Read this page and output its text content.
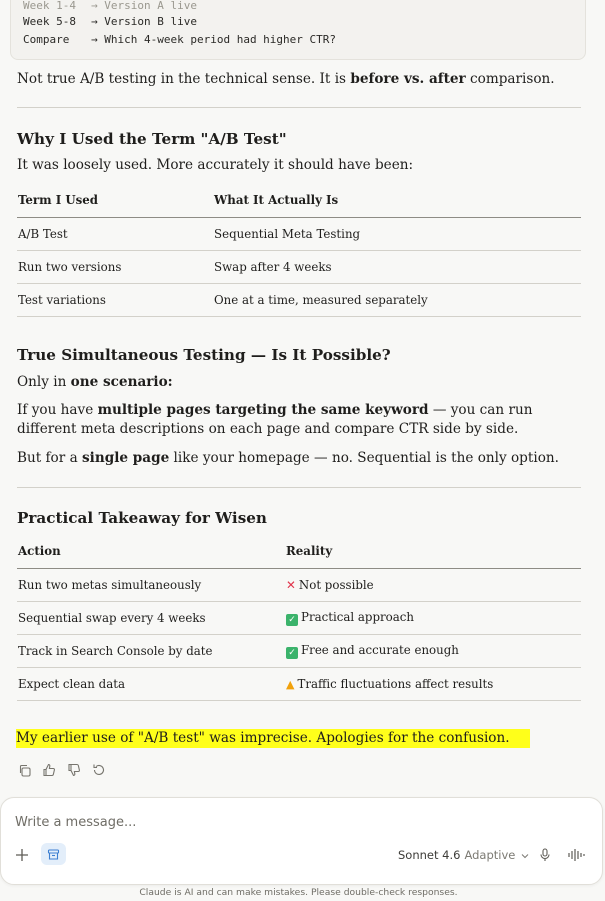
Week 1-4 → Version A live
Week 5-8 → Version B live
Compare → Which 4-week period had higher CTR?
Not true A/B testing in the technical sense. It is before vs. after comparison.
Why I Used the Term "A/B Test"
It was loosely used. More accurately it should have been:
Term I Used	What It Actually Is
A/B Test	Sequential Meta Testing
Run two versions	Swap after 4 weeks
Test variations	One at a time, measured separately
True Simultaneous Testing — Is It Possible?
Only in one scenario:
If you have multiple pages targeting the same keyword — you can run different meta descriptions on each page and compare CTR side by side.
But for a single page like your homepage — no. Sequential is the only option.
Practical Takeaway for Wisen
Action	Reality
Run two metas simultaneously	✕ Not possible
Sequential swap every 4 weeks	✓ Practical approach
Track in Search Console by date	✓ Free and accurate enough
Expect clean data	▲ Traffic fluctuations affect results
My earlier use of "A/B test" was imprecise. Apologies for the confusion.
Write a message...
Sonnet 4.6 Adaptive
Claude is AI and can make mistakes. Please double-check responses.
